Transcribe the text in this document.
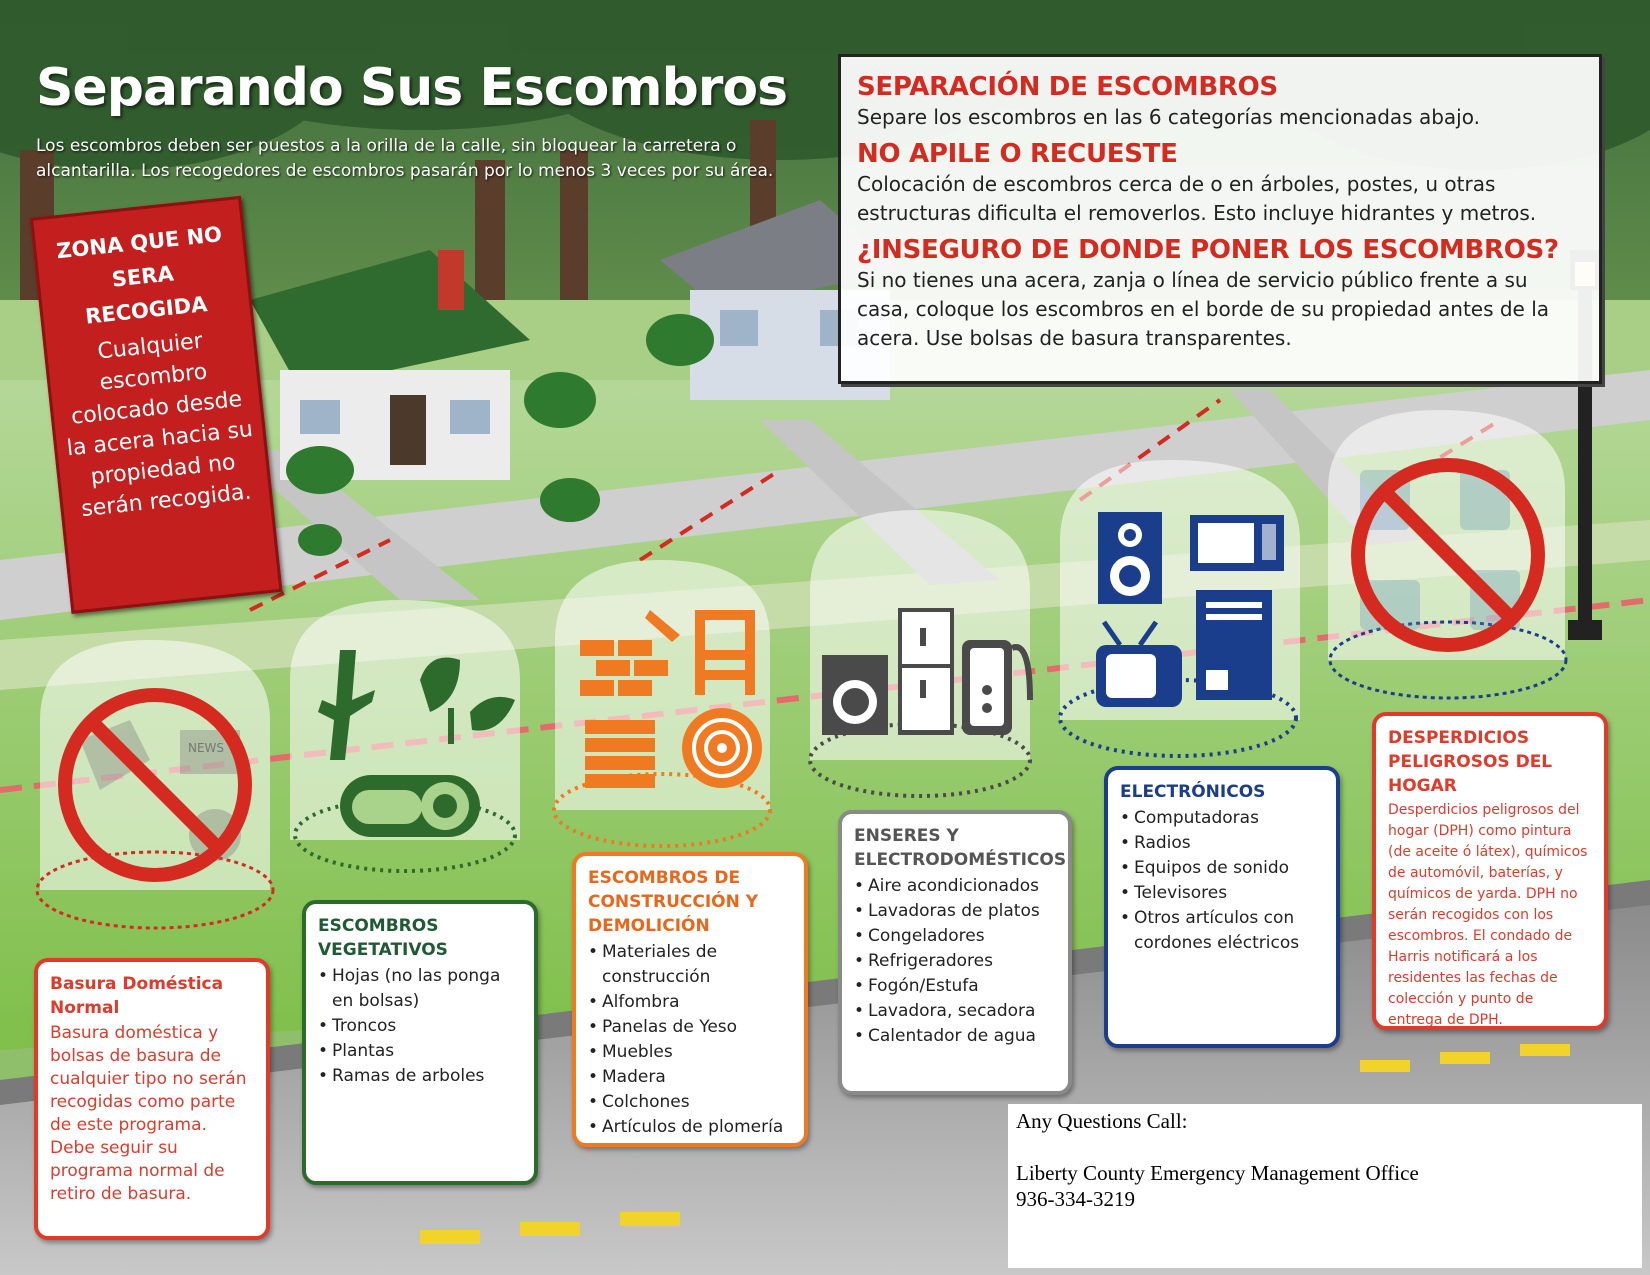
NEWS
Separando Sus Escombros
Los escombros deben ser puestos a la orilla de la calle, sin bloquear la carretera o alcantarilla. Los recogedores de escombros pasarán por lo menos 3 veces por su área.
SEPARACIÓN DE ESCOMBROS

Separe los escombros en las 6 categorías mencionadas abajo.

NO APILE O RECUESTE

Colocación de escombros cerca de o en árboles, postes, u otras estructuras dificulta el removerlos. Esto incluye hidrantes y metros.

¿INSEGURO DE DONDE PONER LOS ESCOMBROS?

Si no tienes una acera, zanja o línea de servicio público frente a su casa, coloque los escombros en el borde de su propiedad antes de la acera. Use bolsas de basura transparentes.

ZONA QUE NO SERA RECOGIDA
Cualquier escombro colocado desde la acera hacia su propiedad no serán recogida.
Basura Doméstica Normal

Basura doméstica y bolsas de basura de cualquier tipo no serán recogidas como parte de este programa. Debe seguir su programa normal de retiro de basura.

ESCOMBROS VEGETATIVOS
• Hojas (no las ponga en bolsas)
• Troncos
• Plantas
• Ramas de arboles
ESCOMBROS DE CONSTRUCCIÓN Y DEMOLICIÓN
• Materiales de construcción
• Alfombra
• Panelas de Yeso
• Muebles
• Madera
• Colchones
• Artículos de plomería
ENSERES Y ELECTRODOMÉSTICOS
• Aire acondicionados
• Lavadoras de platos
• Congeladores
• Refrigeradores
• Fogón/Estufa
• Lavadora, secadora
• Calentador de agua
ELECTRÓNICOS
• Computadoras
• Radios
• Equipos de sonido
• Televisores
• Otros artículos con cordones eléctricos
DESPERDICIOS PELIGROSOS DEL HOGAR

Desperdicios peligrosos del hogar (DPH) como pintura (de aceite ó látex), químicos de automóvil, baterías, y químicos de yarda. DPH no serán recogidos con los escombros. El condado de Harris notificará a los residentes las fechas de colección y punto de entrega de DPH.

Any Questions Call:
Liberty County Emergency Management Office
936-334-3219
